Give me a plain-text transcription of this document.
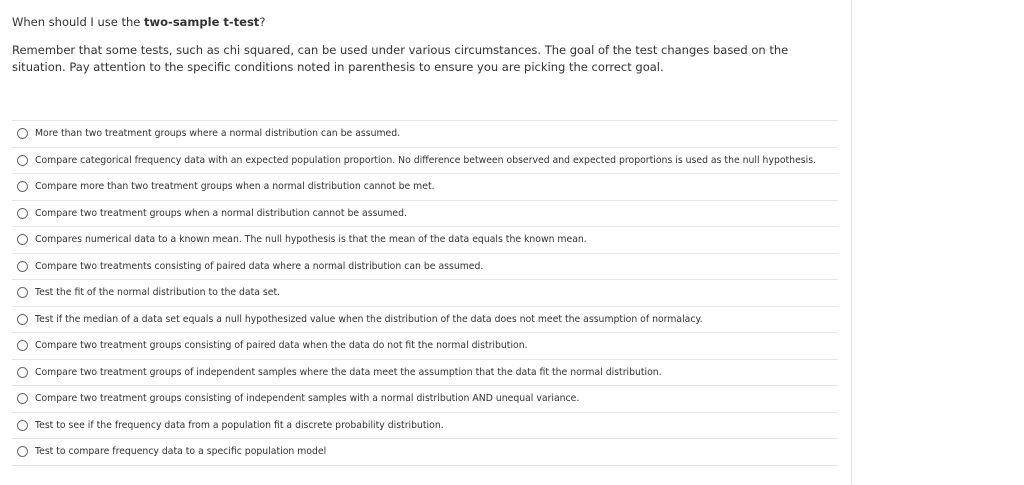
When should I use the two-sample t-test?
Remember that some tests, such as chi squared, can be used under various circumstances. The goal of the test changes based on the situation. Pay attention to the specific conditions noted in parenthesis to ensure you are picking the correct goal.
More than two treatment groups where a normal distribution can be assumed.
Compare categorical frequency data with an expected population proportion. No difference between observed and expected proportions is used as the null hypothesis.
Compare more than two treatment groups when a normal distribution cannot be met.
Compare two treatment groups when a normal distribution cannot be assumed.
Compares numerical data to a known mean. The null hypothesis is that the mean of the data equals the known mean.
Compare two treatments consisting of paired data where a normal distribution can be assumed.
Test the fit of the normal distribution to the data set.
Test if the median of a data set equals a null hypothesized value when the distribution of the data does not meet the assumption of normalacy.
Compare two treatment groups consisting of paired data when the data do not fit the normal distribution.
Compare two treatment groups of independent samples where the data meet the assumption that the data fit the normal distribution.
Compare two treatment groups consisting of independent samples with a normal distribution AND unequal variance.
Test to see if the frequency data from a population fit a discrete probability distribution.
Test to compare frequency data to a specific population model
